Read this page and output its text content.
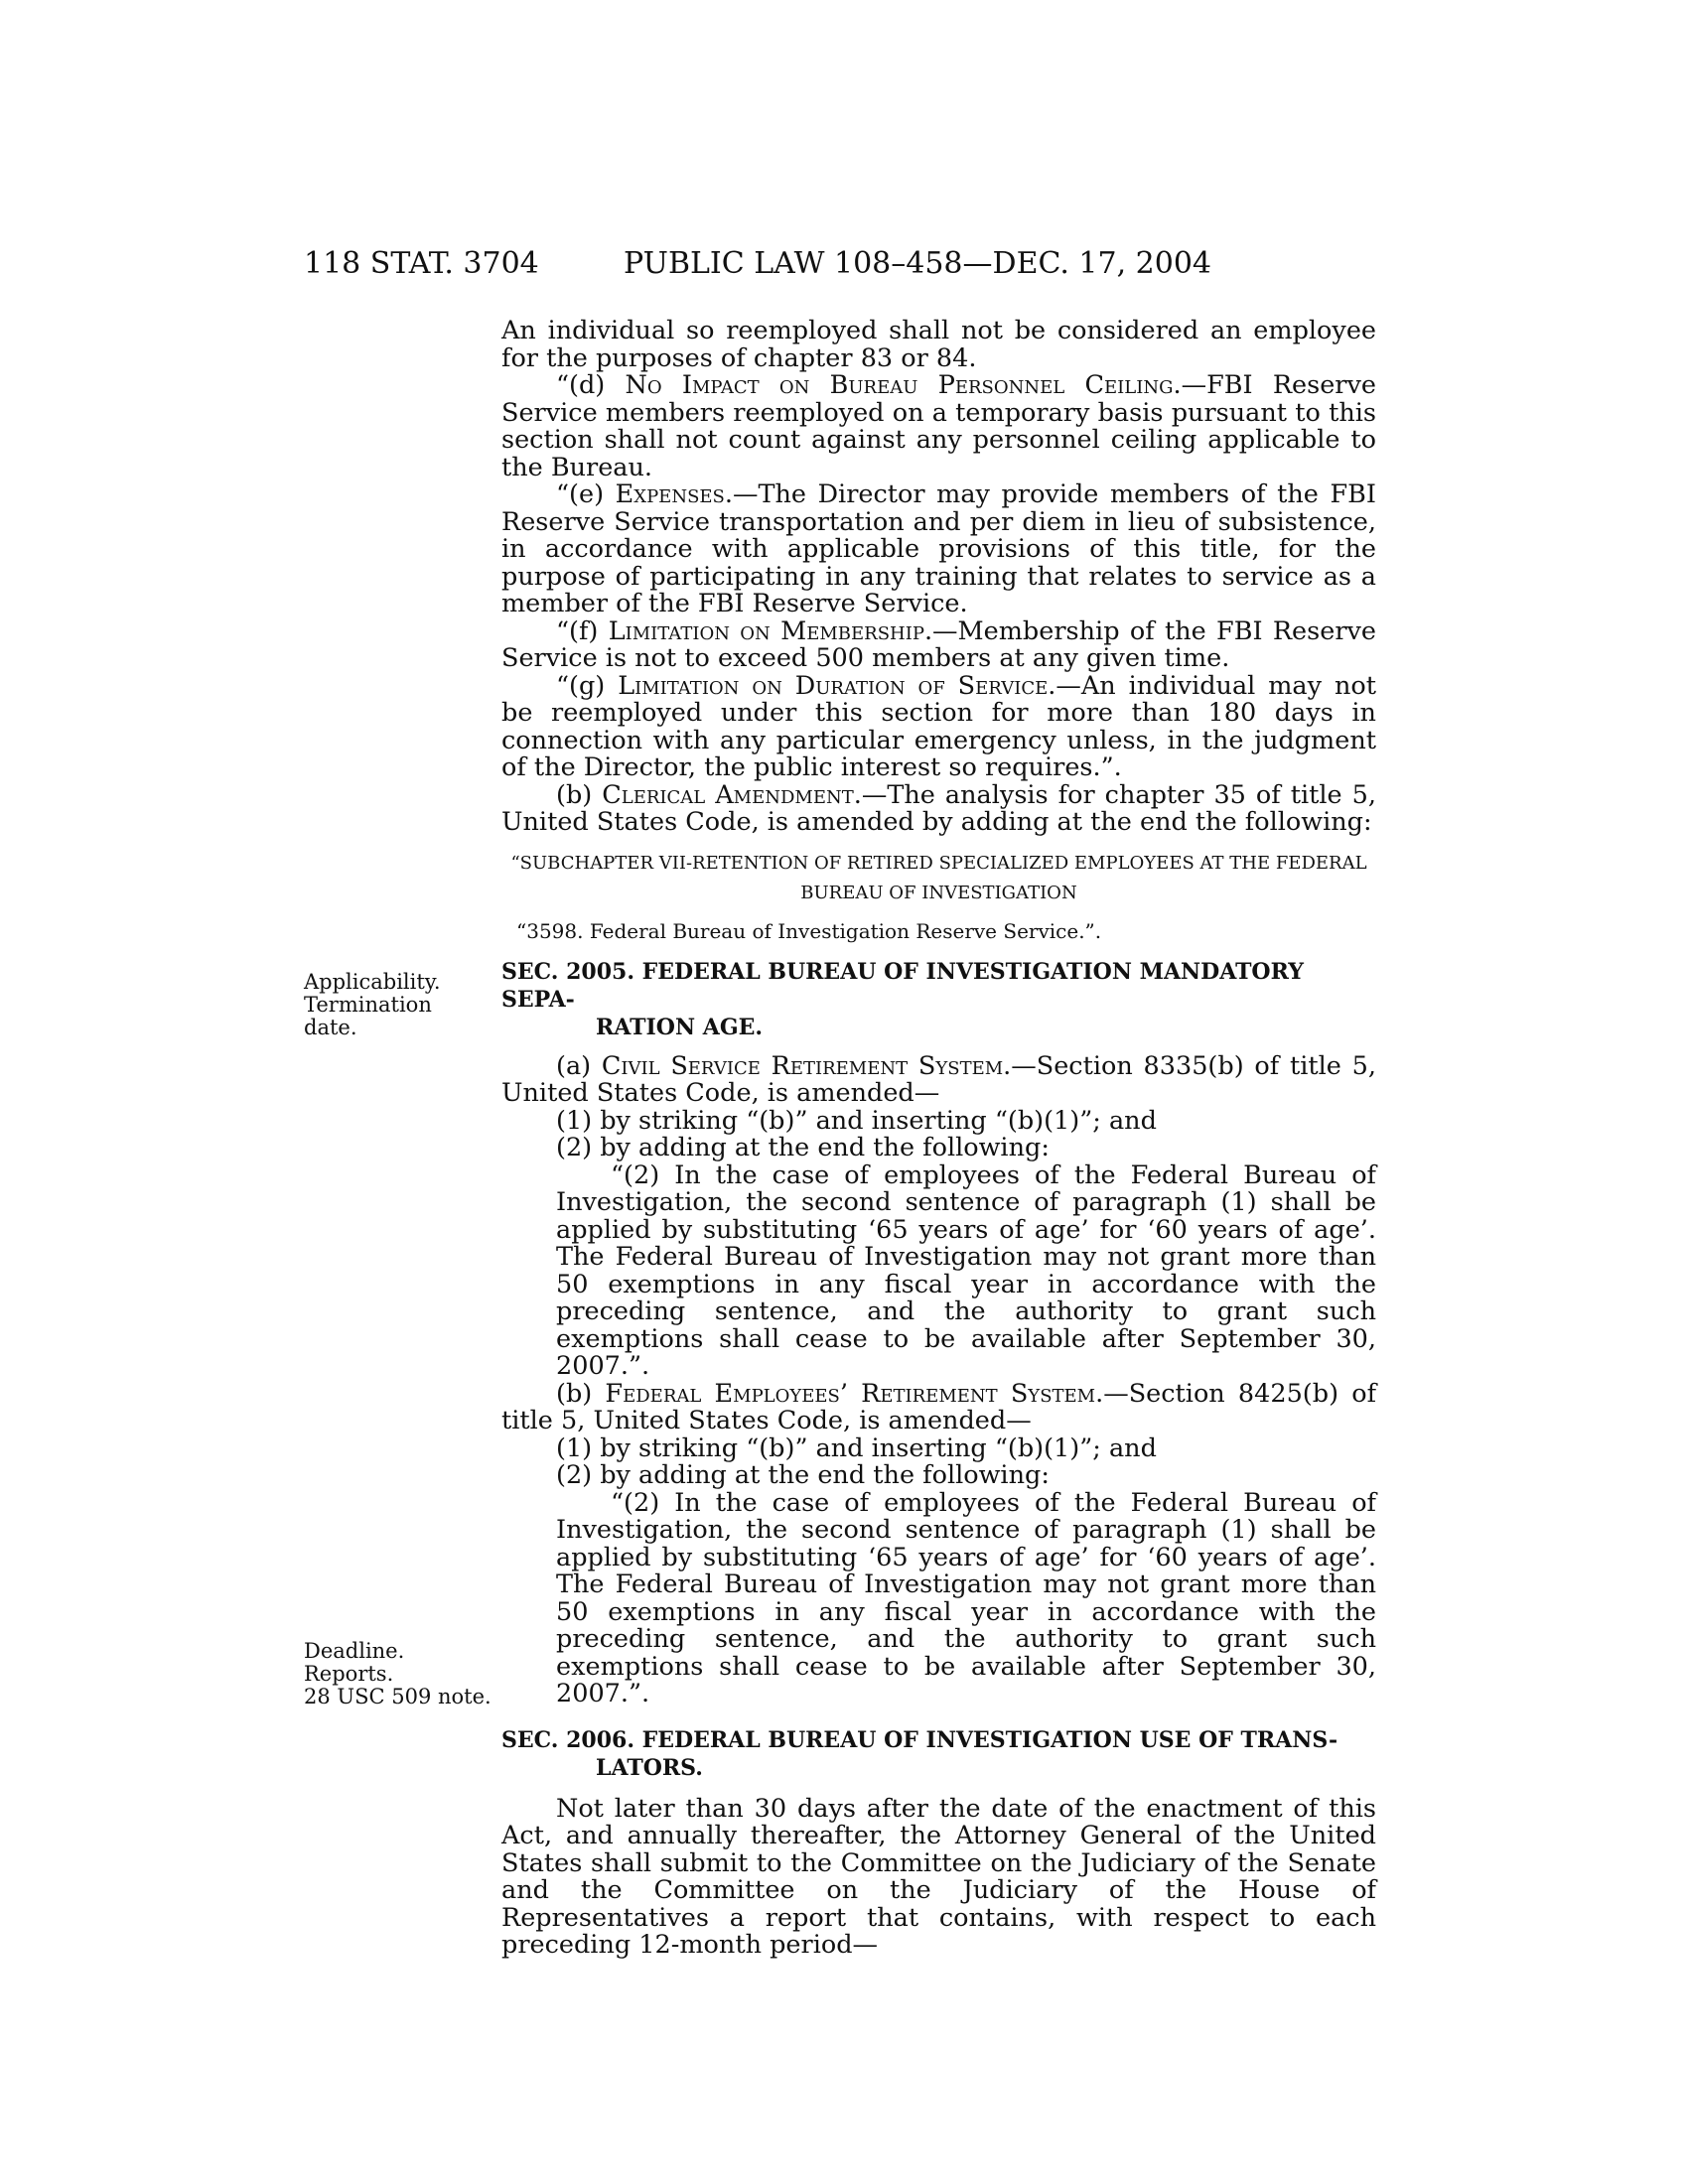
118 STAT. 3704	PUBLIC LAW 108–458—DEC. 17, 2004
Applicability.
Termination
date.
Deadline.
Reports.
28 USC 509 note.

An individual so reemployed shall not be considered an employee for the purposes of chapter 83 or 84.

“(d) No Impact on Bureau Personnel Ceiling.—FBI Reserve Service members reemployed on a temporary basis pursuant to this section shall not count against any personnel ceiling applicable to the Bureau.

“(e) Expenses.—The Director may provide members of the FBI Reserve Service transportation and per diem in lieu of subsistence, in accordance with applicable provisions of this title, for the purpose of participating in any training that relates to service as a member of the FBI Reserve Service.

“(f) Limitation on Membership.—Membership of the FBI Reserve Service is not to exceed 500 members at any given time.

“(g) Limitation on Duration of Service.—An individual may not be reemployed under this section for more than 180 days in connection with any particular emergency unless, in the judgment of the Director, the public interest so requires.”.

(b) Clerical Amendment.—The analysis for chapter 35 of title 5, United States Code, is amended by adding at the end the following:

“SUBCHAPTER VII-RETENTION OF RETIRED SPECIALIZED EMPLOYEES AT THE FEDERAL
BUREAU OF INVESTIGATION
“3598. Federal Bureau of Investigation Reserve Service.”.
SEC. 2005. FEDERAL BUREAU OF INVESTIGATION MANDATORY SEPA-
RATION AGE.

(a) Civil Service Retirement System.—Section 8335(b) of title 5, United States Code, is amended—

(1) by striking “(b)” and inserting “(b)(1)”; and

(2) by adding at the end the following:

“(2) In the case of employees of the Federal Bureau of Investigation, the second sentence of paragraph (1) shall be applied by substituting ‘65 years of age’ for ‘60 years of age’. The Federal Bureau of Investigation may not grant more than 50 exemptions in any fiscal year in accordance with the preceding sentence, and the authority to grant such exemptions shall cease to be available after September 30, 2007.”.

(b) Federal Employees’ Retirement System.—Section 8425(b) of title 5, United States Code, is amended—

(1) by striking “(b)” and inserting “(b)(1)”; and

(2) by adding at the end the following:

“(2) In the case of employees of the Federal Bureau of Investigation, the second sentence of paragraph (1) shall be applied by substituting ‘65 years of age’ for ‘60 years of age’. The Federal Bureau of Investigation may not grant more than 50 exemptions in any fiscal year in accordance with the preceding sentence, and the authority to grant such exemptions shall cease to be available after September 30, 2007.”.

SEC. 2006. FEDERAL BUREAU OF INVESTIGATION USE OF TRANS-
LATORS.

Not later than 30 days after the date of the enactment of this Act, and annually thereafter, the Attorney General of the United States shall submit to the Committee on the Judiciary of the Senate and the Committee on the Judiciary of the House of Representatives a report that contains, with respect to each preceding 12-month period—
